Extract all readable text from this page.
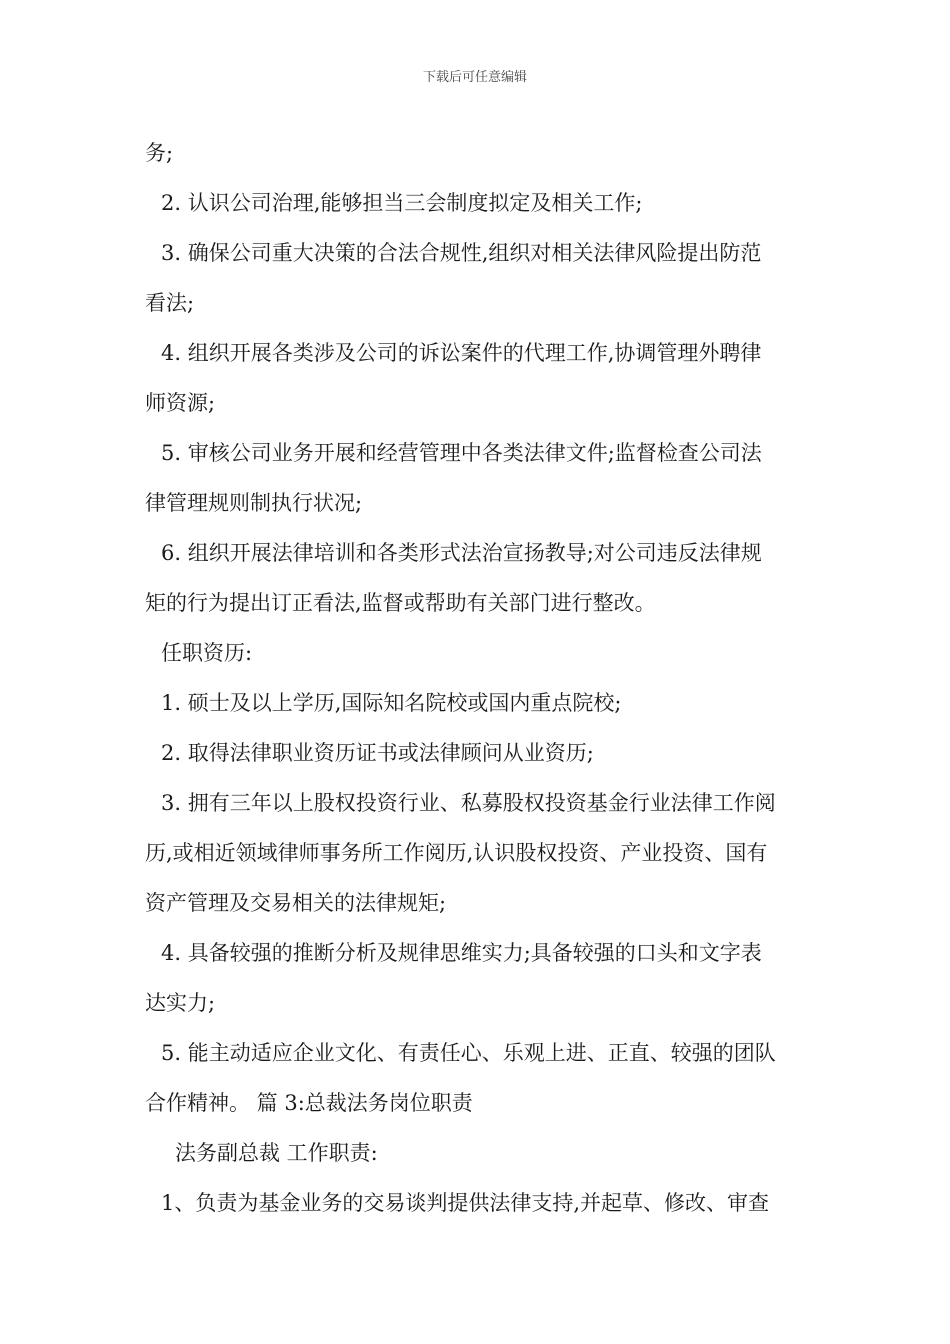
下载后可任意编辑
务;
2. 认识公司治理,能够担当三会制度拟定及相关工作;
3. 确保公司重大决策的合法合规性,组织对相关法律风险提出防范
看法;
4. 组织开展各类涉及公司的诉讼案件的代理工作,协调管理外聘律
师资源;
5. 审核公司业务开展和经营管理中各类法律文件;监督检查公司法
律管理规则制执行状况;
6. 组织开展法律培训和各类形式法治宣扬教导;对公司违反法律规
矩的行为提出订正看法,监督或帮助有关部门进行整改。
任职资历:
1. 硕士及以上学历,国际知名院校或国内重点院校;
2. 取得法律职业资历证书或法律顾问从业资历;
3. 拥有三年以上股权投资行业、私募股权投资基金行业法律工作阅
历,或相近领域律师事务所工作阅历,认识股权投资、产业投资、国有
资产管理及交易相关的法律规矩;
4. 具备较强的推断分析及规律思维实力;具备较强的口头和文字表
达实力;
5. 能主动适应企业文化、有责任心、乐观上进、正直、较强的团队
合作精神。 篇 3:总裁法务岗位职责
法务副总裁 工作职责:
1、负责为基金业务的交易谈判提供法律支持,并起草、修改、审查
